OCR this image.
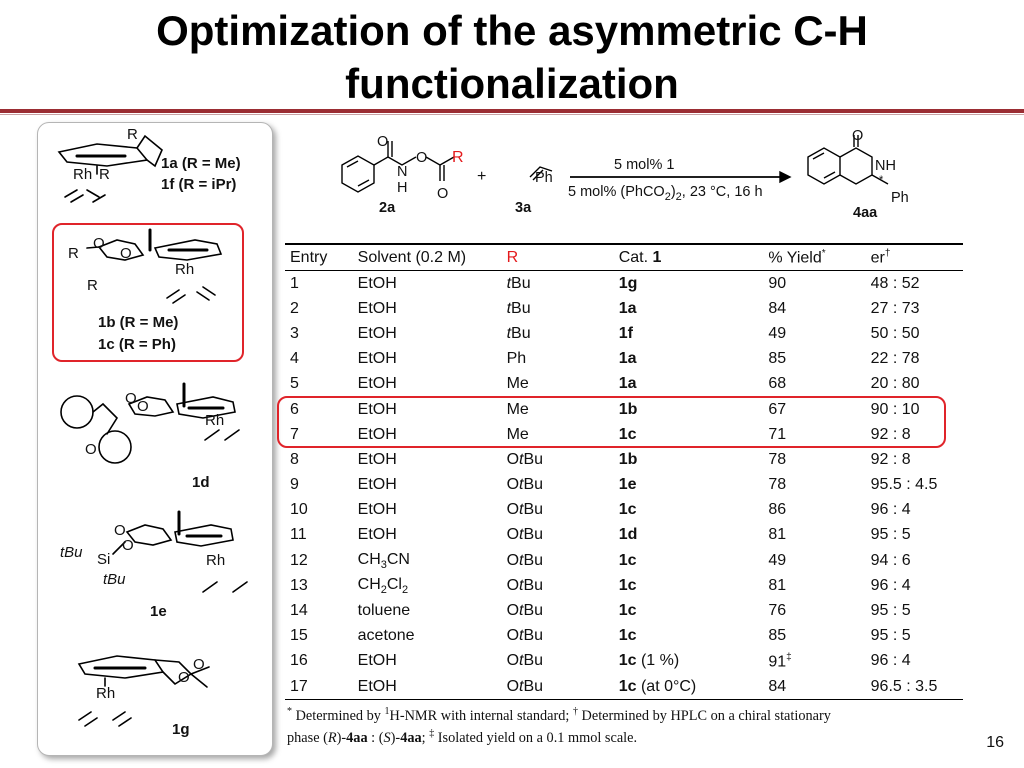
Optimization of the asymmetric C-H
functionalization
R
Rh R
1a (R = Me)
1f (R = iPr)
R
R
O
O
Rh
1b (R = Me)
1c (R = Ph)
O O
O
Rh
1d
O
O
tBu Si
tBu
Rh
1e
O
O
Rh
1g
O
N
H
O
O
R
2a
+	Ph
3a
5 mol% 1
5 mol% $(PhCO_2)_2$, 23 °C, 16 h
O
NH
*
Ph
4aa
Entry	Solvent (0.2 M)	R	Cat. 1	% Yield*	er†
1	EtOH	tBu	1g	90	48 : 52
2	EtOH	tBu	1a	84	27 : 73
3	EtOH	tBu	1f	49	50 : 50
4	EtOH	Ph	1a	85	22 : 78
5	EtOH	Me	1a	68	20 : 80
6	EtOH	Me	1b	67	90 : 10
7	EtOH	Me	1c	71	92 : 8
8	EtOH	OtBu	1b	78	92 : 8
9	EtOH	OtBu	1e	78	95.5 : 4.5
10	EtOH	OtBu	1c	86	96 : 4
11	EtOH	OtBu	1d	81	95 : 5
12	$CH_3CN$	OtBu	1c	49	94 : 6
13	$CH_2Cl_2$	OtBu	1c	81	96 : 4
14	toluene	OtBu	1c	76	95 : 5
15	acetone	OtBu	1c	85	95 : 5
16	EtOH	OtBu	1c (1 %)	91‡	96 : 4
17	EtOH	OtBu	1c (at 0°C)	84	96.5 : 3.5
* Determined by $^1$H-NMR with internal standard; † Determined by HPLC on a chiral stationary
phase (R)-4aa : (S)-4aa; ‡ Isolated yield on a 0.1 mmol scale.	16
